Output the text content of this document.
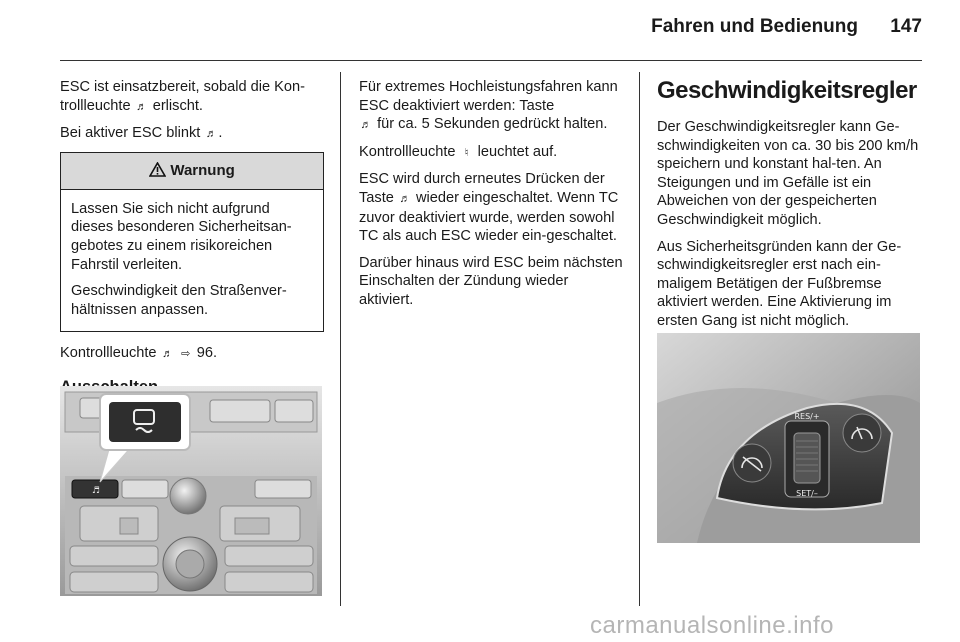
Fahren und Bedienung 147

ESC ist einsatzbereit, sobald die Kon-
trollleuchte ♬ erlischt.

Bei aktiver ESC blinkt ♬ .

Warnung

Lassen Sie sich nicht aufgrund dieses besonderen Sicherheitsan-gebotes zu einem risikoreichen Fahrstil verleiten.

Geschwindigkeit den Straßenver-hältnissen anpassen.

Kontrollleuchte ♬ ⇨ 96.

♬

Für extremes Hochleistungsfahren kann ESC deaktiviert werden: Taste
♬ für ca. 5 Sekunden gedrückt halten.

Kontrollleuchte ♮ leuchtet auf.

ESC wird durch erneutes Drücken der Taste ♬ wieder eingeschaltet. Wenn TC zuvor deaktiviert wurde, werden sowohl TC als auch ESC wieder ein-geschaltet.

Darüber hinaus wird ESC beim nächsten Einschalten der Zündung wieder aktiviert.

Geschwindigkeitsregler

Der Geschwindigkeitsregler kann Ge-schwindigkeiten von ca. 30 bis 200 km/h speichern und konstant hal-ten. An Steigungen und im Gefälle ist ein Abweichen von der gespeicherten Geschwindigkeit möglich.

Aus Sicherheitsgründen kann der Ge-schwindigkeitsregler erst nach ein-maligem Betätigen der Fußbremse aktiviert werden. Eine Aktivierung im ersten Gang ist nicht möglich.

RES/+
SET/–
carmanualsonline.info
